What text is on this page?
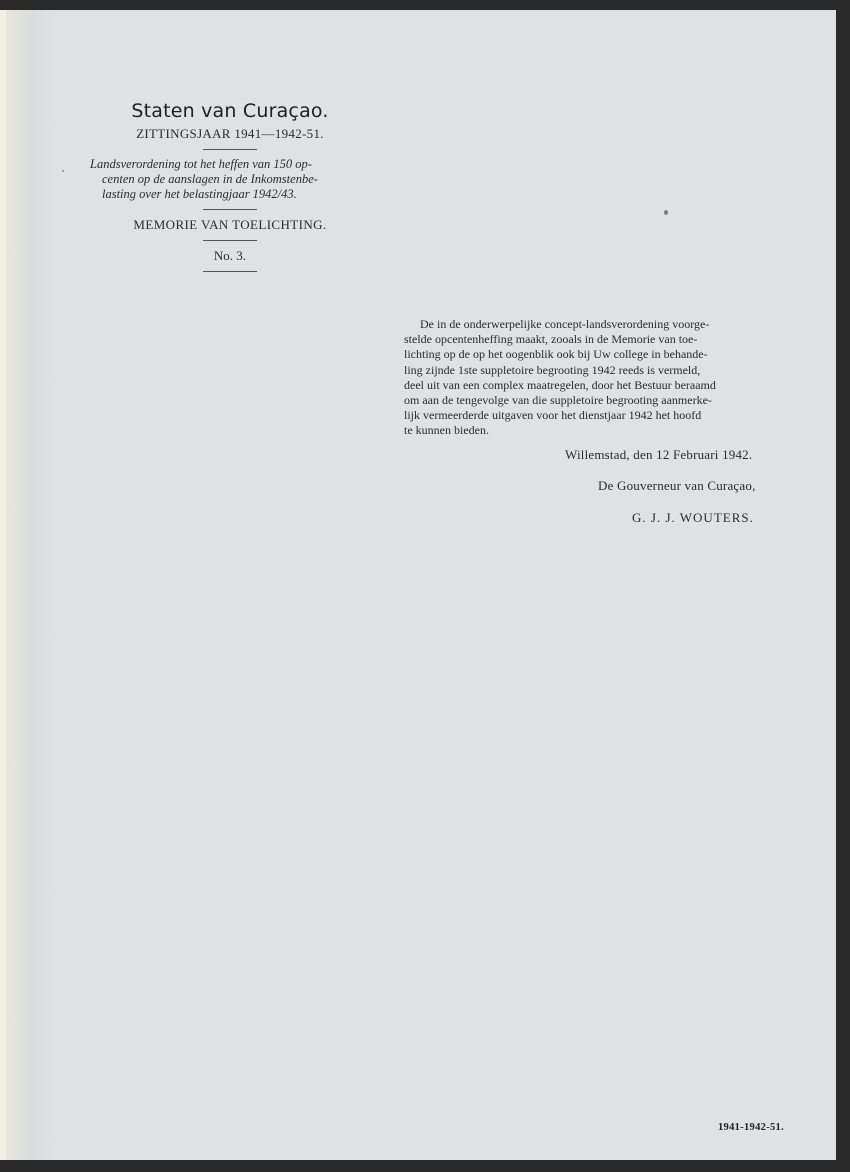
Staten van Curaçao.
ZITTINGSJAAR 1941—1942-51.
Landsverordening tot het heffen van 150 op-
centen op de aanslagen in de Inkomstenbe-
lasting over het belastingjaar 1942/43.
MEMORIE VAN TOELICHTING.
No. 3.
De in de onderwerpelijke concept-landsverordening voorge-
stelde opcentenheffing maakt, zooals in de Memorie van toe-
lichting op de op het oogenblik ook bij Uw college in behande-
ling zijnde 1ste suppletoire begrooting 1942 reeds is vermeld,
deel uit van een complex maatregelen, door het Bestuur beraamd
om aan de tengevolge van die suppletoire begrooting aanmerke-
lijk vermeerderde uitgaven voor het dienstjaar 1942 het hoofd
te kunnen bieden.
Willemstad, den 12 Februari 1942.
De Gouverneur van Curaçao,
G. J. J. WOUTERS.
1941-1942-51.
